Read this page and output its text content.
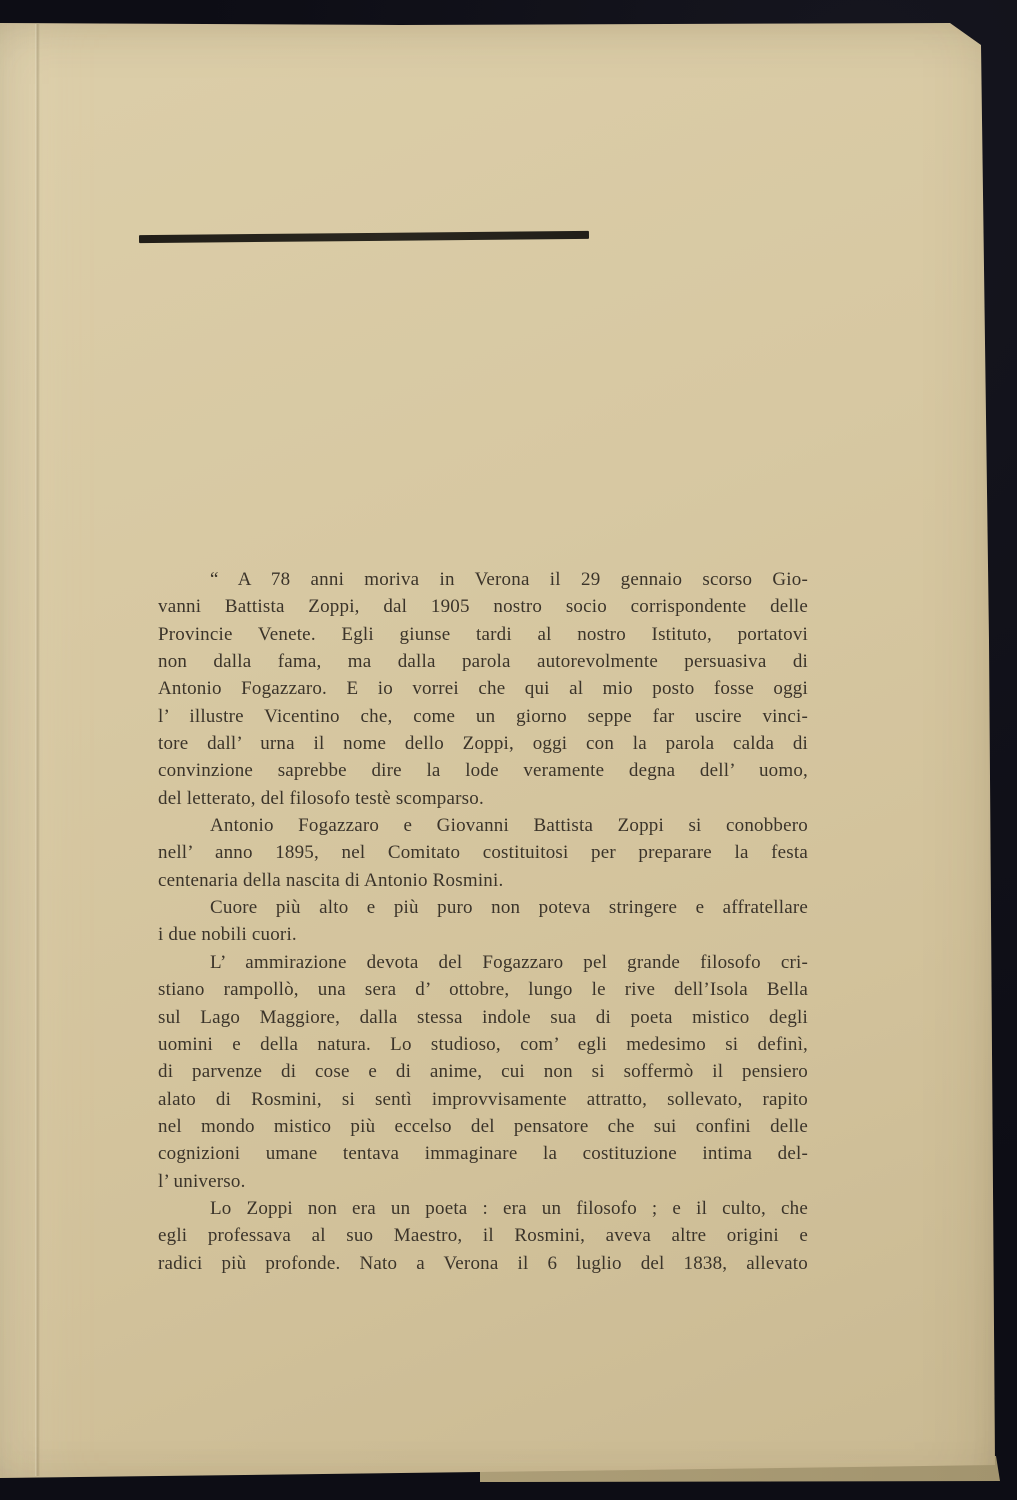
“ A 78 anni moriva in Verona il 29 gennaio scorso Gio-
vanni Battista Zoppi, dal 1905 nostro socio corrispondente delle
Provincie Venete. Egli giunse tardi al nostro Istituto, portatovi
non dalla fama, ma dalla parola autorevolmente persuasiva di
Antonio Fogazzaro. E io vorrei che qui al mio posto fosse oggi
l’ illustre Vicentino che, come un giorno seppe far uscire vinci-
tore dall’ urna il nome dello Zoppi, oggi con la parola calda di
convinzione saprebbe dire la lode veramente degna dell’ uomo,
del letterato, del filosofo testè scomparso.
Antonio Fogazzaro e Giovanni Battista Zoppi si conobbero
nell’ anno 1895, nel Comitato costituitosi per preparare la festa
centenaria della nascita di Antonio Rosmini.
Cuore più alto e più puro non poteva stringere e affratellare
i due nobili cuori.
L’ ammirazione devota del Fogazzaro pel grande filosofo cri-
stiano rampollò, una sera d’ ottobre, lungo le rive dell’Isola Bella
sul Lago Maggiore, dalla stessa indole sua di poeta mistico degli
uomini e della natura. Lo studioso, com’ egli medesimo si definì,
di parvenze di cose e di anime, cui non si soffermò il pensiero
alato di Rosmini, si sentì improvvisamente attratto, sollevato, rapito
nel mondo mistico più eccelso del pensatore che sui confini delle
cognizioni umane tentava immaginare la costituzione intima del-
l’ universo.
Lo Zoppi non era un poeta : era un filosofo ; e il culto, che
egli professava al suo Maestro, il Rosmini, aveva altre origini e
radici più profonde. Nato a Verona il 6 luglio del 1838, allevato
